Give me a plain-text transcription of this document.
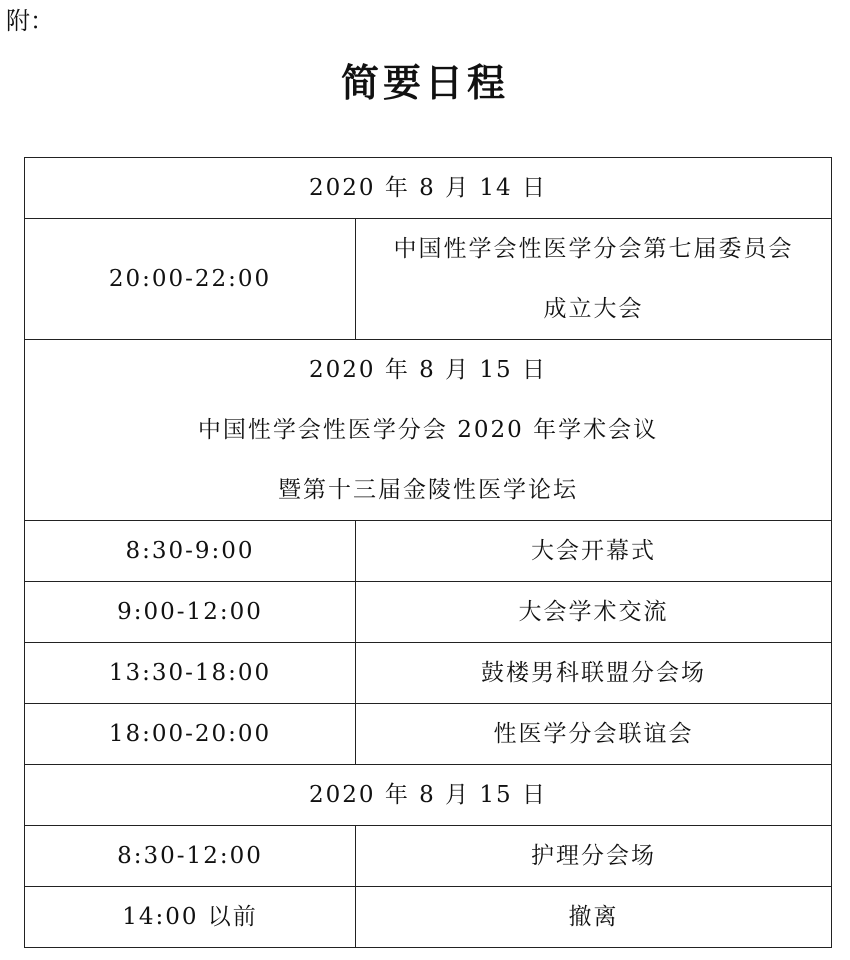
附：
简要日程
2020 年 8 月 14 日	
20:00-22:00	中国性学会性医学分会第七届委员会
成立大会

2020 年 8 月 15 日
中国性学会性医学分会 2020 年学术会议
暨第十三届金陵性医学论坛	

8:30-9:00	大会开幕式
9:00-12:00	大会学术交流
13:30-18:00	鼓楼男科联盟分会场
18:00-20:00	性医学分会联谊会
2020 年 8 月 15 日	
8:30-12:00	护理分会场
14:00 以前	撤离
